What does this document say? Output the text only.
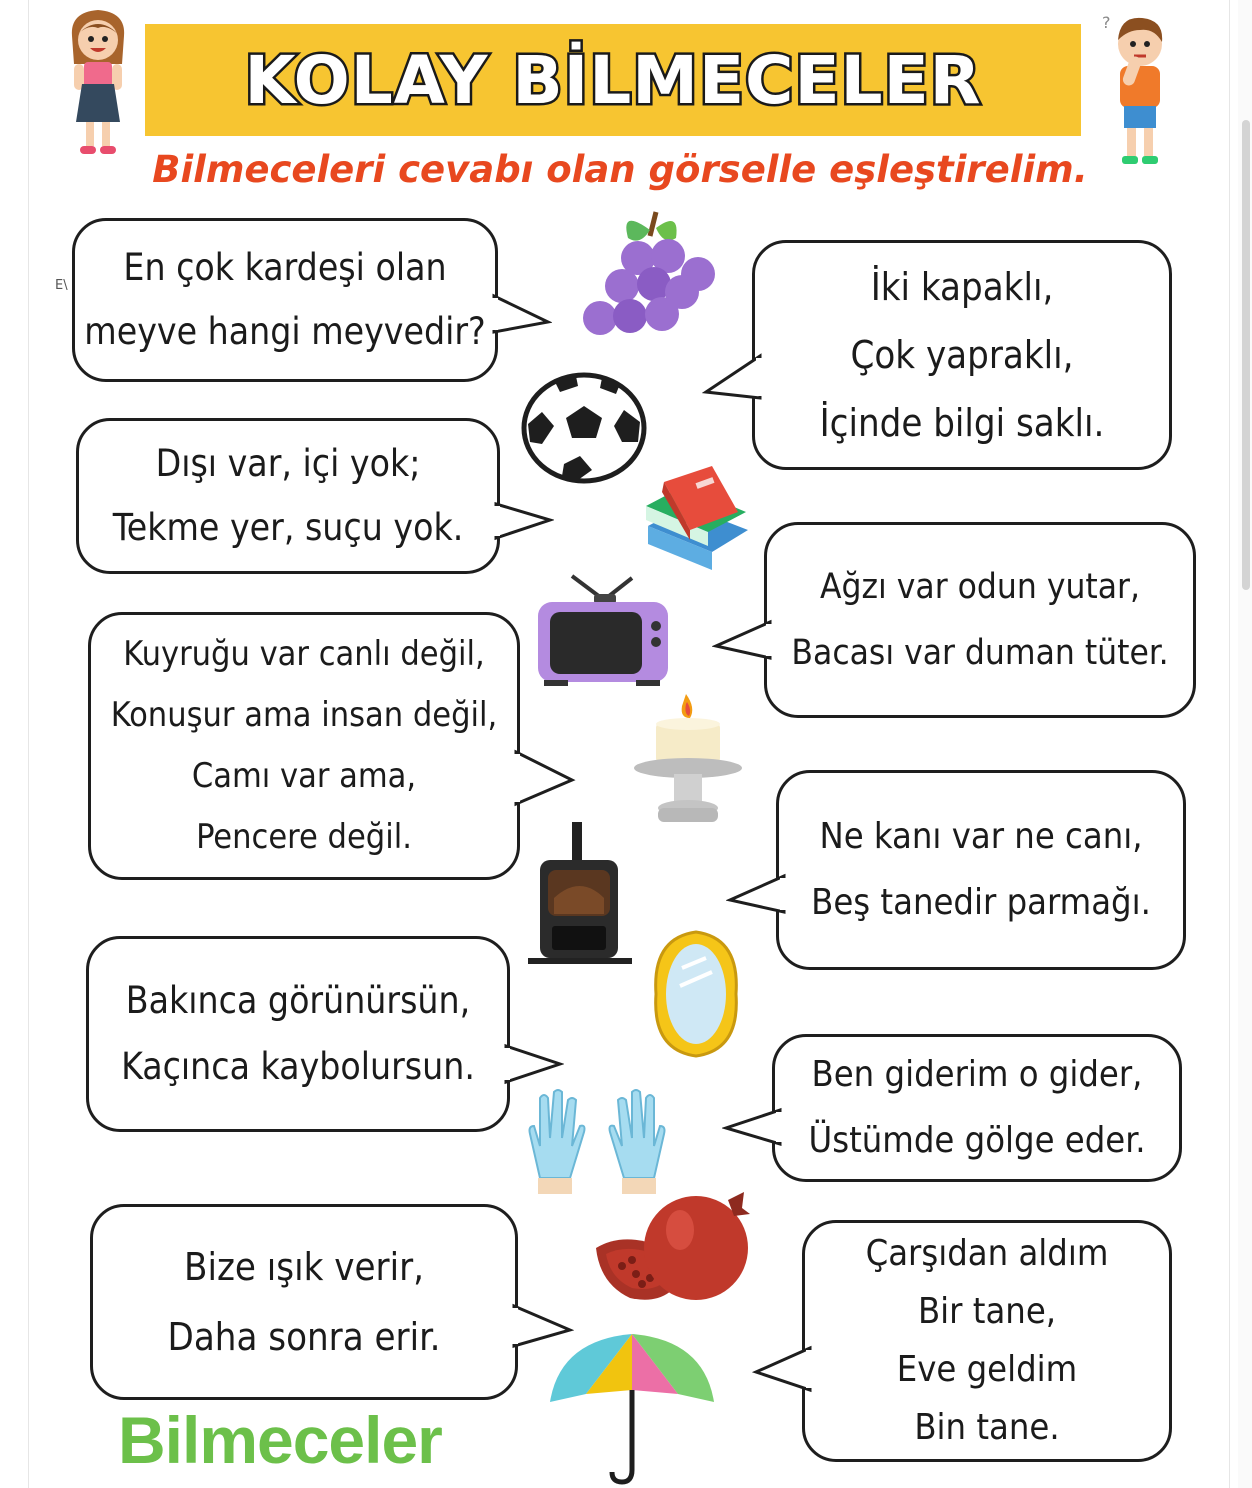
KOLAY BİLMECELER
Bilmeceleri cevabı olan görselle eşleştirelim.
E\
?
En çok kardeşi olan
meyve hangi meyvedir?
Dışı var, içi yok;
Tekme yer, suçu yok.
Kuyruğu var canlı değil,
Konuşur ama insan değil,
Camı var ama,
Pencere değil.
Bakınca görünürsün,
Kaçınca kaybolursun.
Bize ışık verir,
Daha sonra erir.
İki kapaklı,
Çok yapraklı,
İçinde bilgi saklı.
Ağzı var odun yutar,
Bacası var duman tüter.
Ne kanı var ne canı,
Beş tanedir parmağı.
Ben giderim o gider,
Üstümde gölge eder.
Çarşıdan aldım
Bir tane,
Eve geldim
Bin tane.
Bilmeceler
